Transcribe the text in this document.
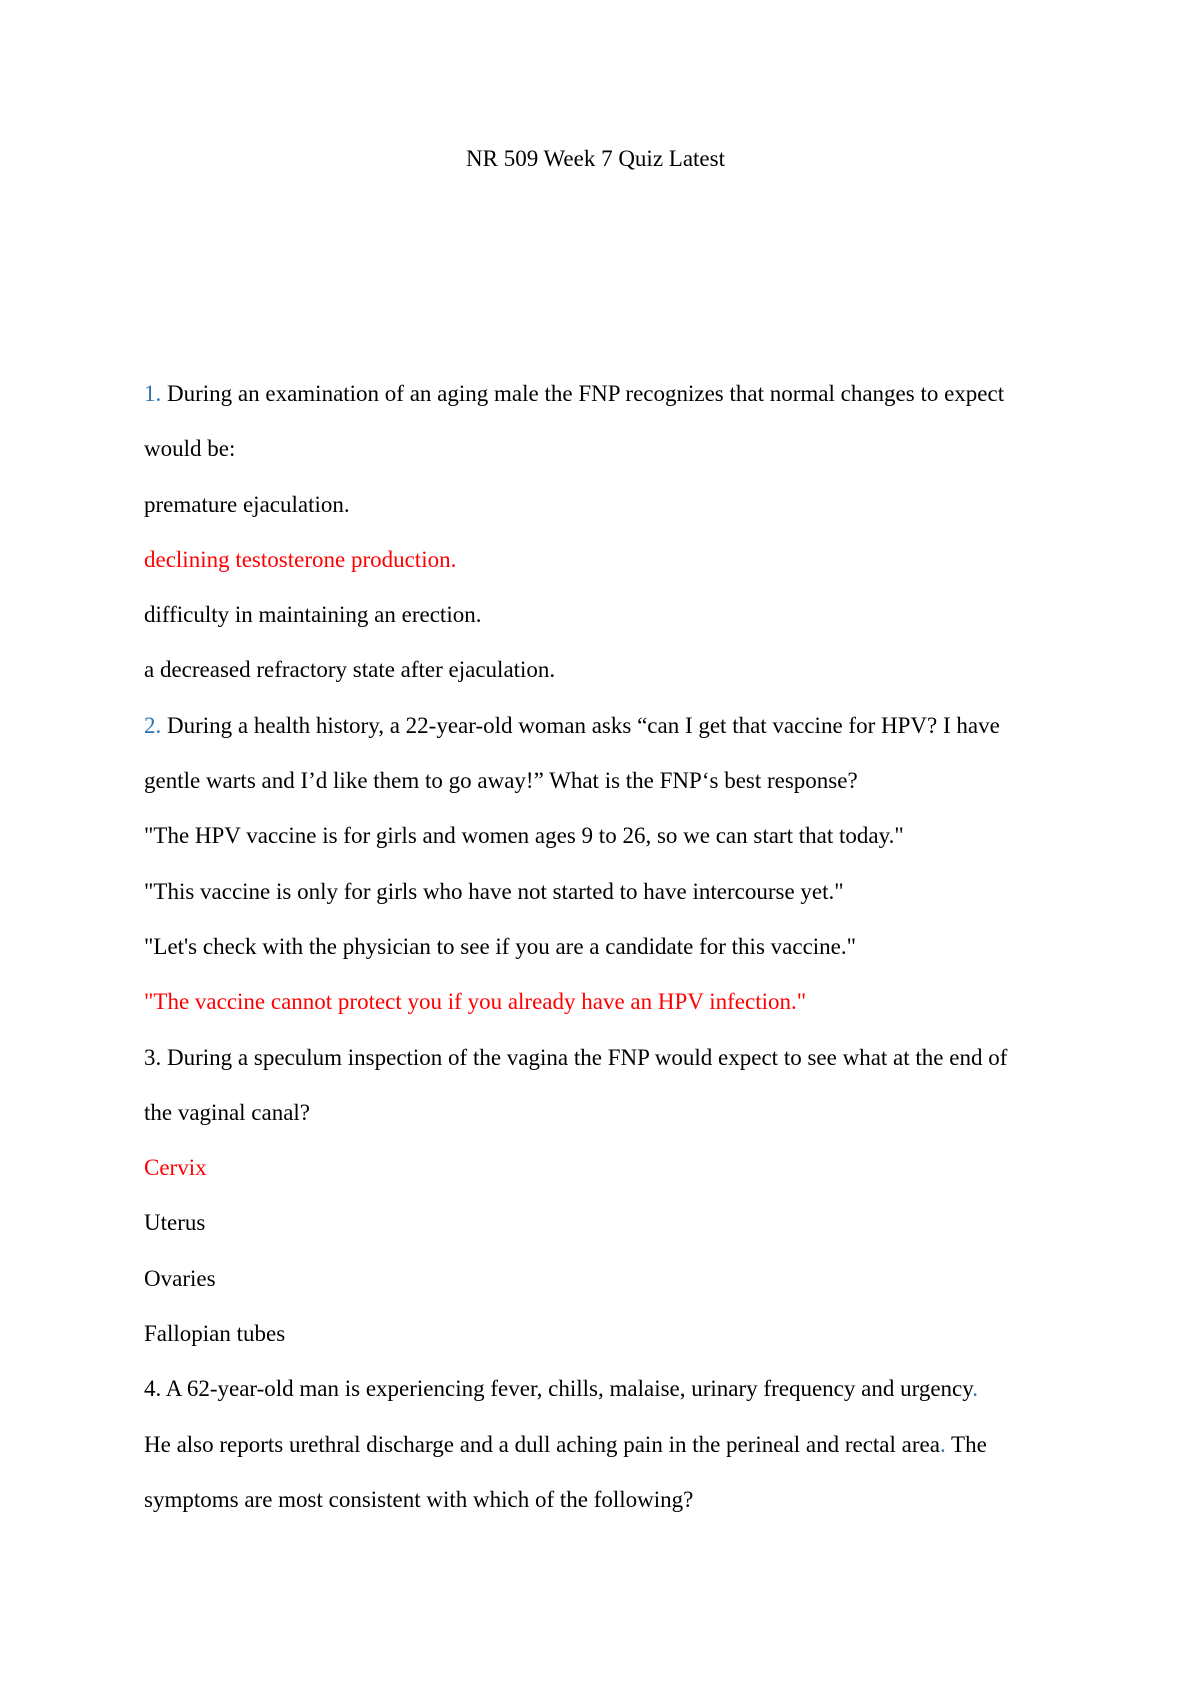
NR 509 Week 7 Quiz Latest
1. During an examination of an aging male the FNP recognizes that normal changes to expect
would be:
premature ejaculation.
declining testosterone production.
difficulty in maintaining an erection.
a decreased refractory state after ejaculation.
2. During a health history, a 22-year-old woman asks “can I get that vaccine for HPV? I have
gentle warts and I’d like them to go away!” What is the FNP‘s best response?
"The HPV vaccine is for girls and women ages 9 to 26, so we can start that today."
"This vaccine is only for girls who have not started to have intercourse yet."
"Let's check with the physician to see if you are a candidate for this vaccine."
"The vaccine cannot protect you if you already have an HPV infection."
3. During a speculum inspection of the vagina the FNP would expect to see what at the end of
the vaginal canal?
Cervix
Uterus
Ovaries
Fallopian tubes
4. A 62-year-old man is experiencing fever, chills, malaise, urinary frequency and urgency.
He also reports urethral discharge and a dull aching pain in the perineal and rectal area. The
symptoms are most consistent with which of the following?
